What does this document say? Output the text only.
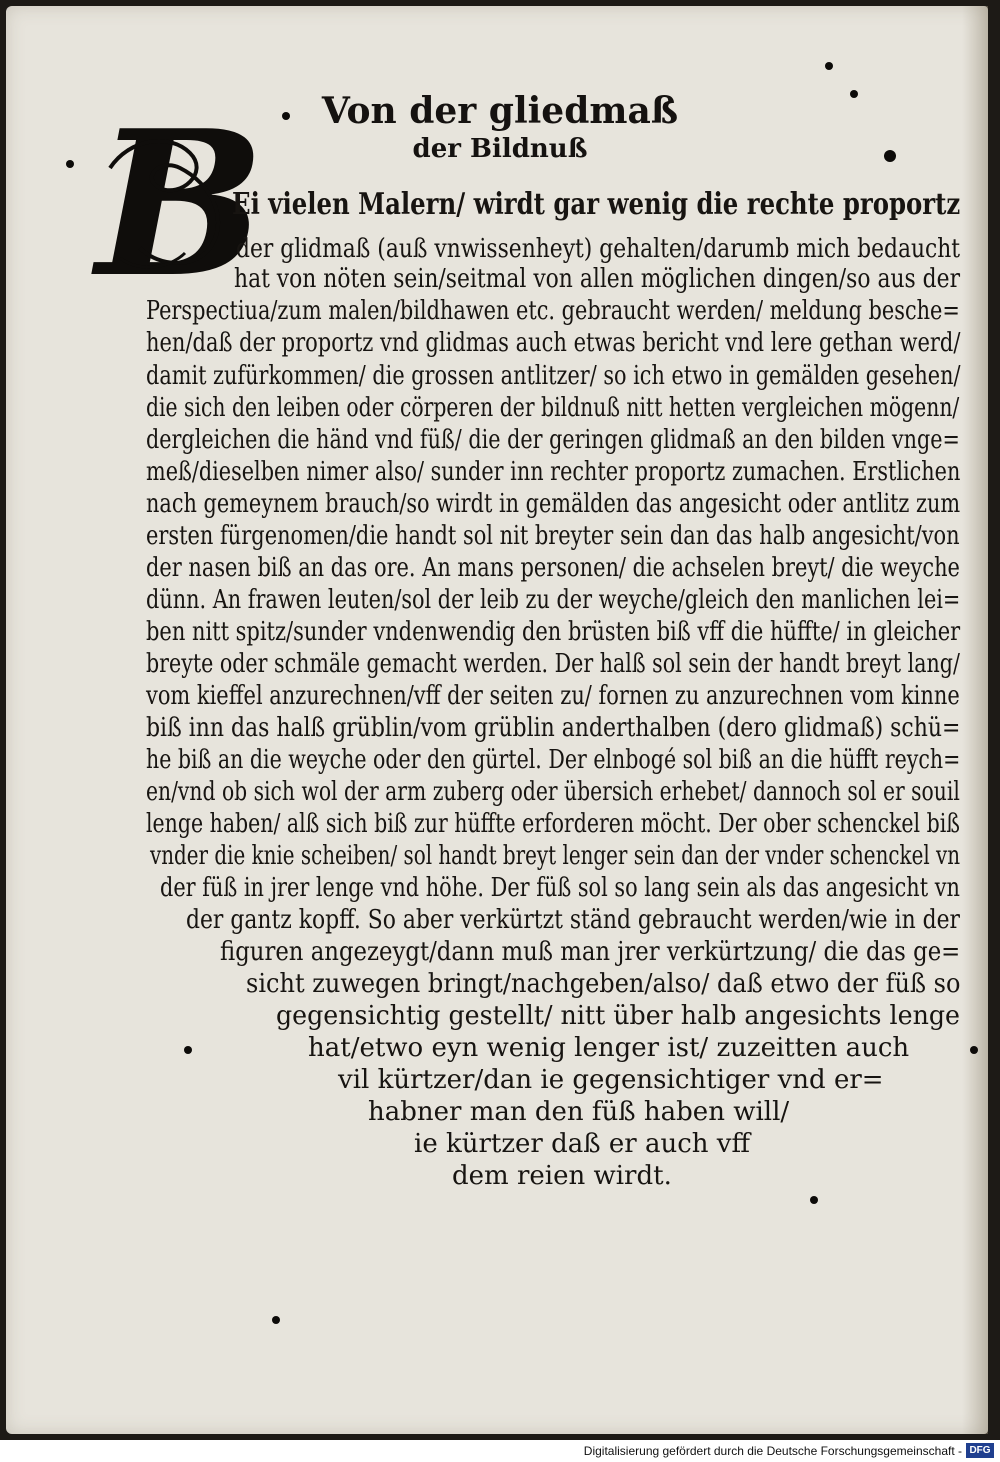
Von der gliedmaß
der Bildnuß
B
Ei vielen Malern/ wirdt gar wenig die rechte proportz
der glidmaß (auß vnwissenheyt) gehalten/darumb mich bedaucht
hat von nöten sein/seitmal von allen möglichen dingen/so aus der
Perspectiua/zum malen/bildhawen etc. gebraucht werden/ meldung besche=
hen/daß der proportz vnd glidmas auch etwas bericht vnd lere gethan werd/
damit zufürkommen/ die grossen antlitzer/ so ich etwo in gemälden gesehen/
die sich den leiben oder cörperen der bildnuß nitt hetten vergleichen mögenn/
dergleichen die händ vnd füß/ die der geringen glidmaß an den bilden vnge=
meß/dieselben nimer also/ sunder inn rechter proportz zumachen. Erstlichen
nach gemeynem brauch/so wirdt in gemälden das angesicht oder antlitz zum
ersten fürgenomen/die handt sol nit breyter sein dan das halb angesicht/von
der nasen biß an das ore. An mans personen/ die achselen breyt/ die weyche
dünn. An frawen leuten/sol der leib zu der weyche/gleich den manlichen lei=
ben nitt spitz/sunder vndenwendig den brüsten biß vff die hüffte/ in gleicher
breyte oder schmäle gemacht werden. Der halß sol sein der handt breyt lang/
vom kieffel anzurechnen/vff der seiten zu/ fornen zu anzurechnen vom kinne
biß inn das halß grüblin/vom grüblin anderthalben (dero glidmaß) schü=
he biß an die weyche oder den gürtel. Der elnbogé sol biß an die hüfft reych=
en/vnd ob sich wol der arm zuberg oder übersich erhebet/ dannoch sol er souil
lenge haben/ alß sich biß zur hüffte erforderen möcht. Der ober schenckel biß
vnder die knie scheiben/ sol handt breyt lenger sein dan der vnder schenckel vn
der füß in jrer lenge vnd höhe. Der füß sol so lang sein als das angesicht vn
der gantz kopff. So aber verkürtzt ständ gebraucht werden/wie in der
figuren angezeygt/dann muß man jrer verkürtzung/ die das ge=
sicht zuwegen bringt/nachgeben/also/ daß etwo der füß so
gegensichtig gestellt/ nitt über halb angesichts lenge
hat/etwo eyn wenig lenger ist/ zuzeitten auch
vil kürtzer/dan ie gegensichtiger vnd er=
habner man den füß haben will/
ie kürtzer daß er auch vff
dem reien wirdt.
Digitalisierung gefördert durch die Deutsche Forschungsgemeinschaft - DFG
